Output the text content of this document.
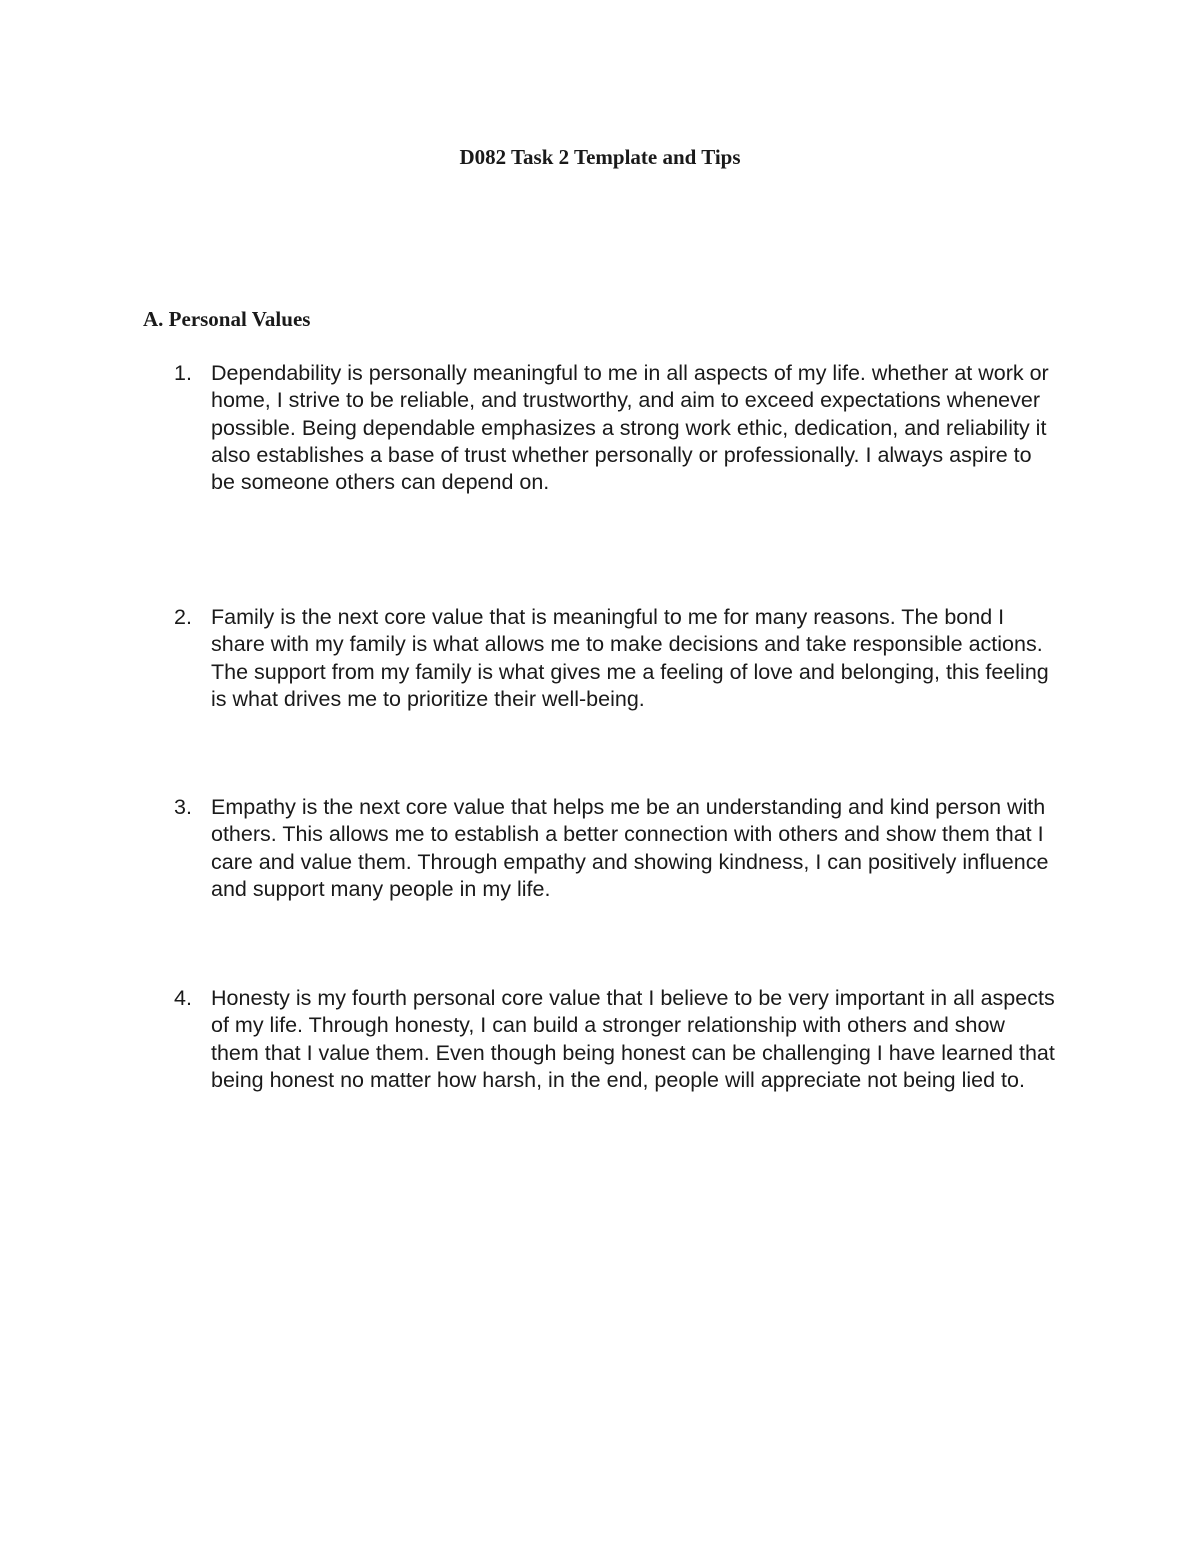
D082 Task 2 Template and Tips
A. Personal Values
1. Dependability is personally meaningful to me in all aspects of my life. whether at work or home, I strive to be reliable, and trustworthy, and aim to exceed expectations whenever possible. Being dependable emphasizes a strong work ethic, dedication, and reliability it also establishes a base of trust whether personally or professionally. I always aspire to be someone others can depend on.
2. Family is the next core value that is meaningful to me for many reasons. The bond I share with my family is what allows me to make decisions and take responsible actions. The support from my family is what gives me a feeling of love and belonging, this feeling is what drives me to prioritize their well-being.
3. Empathy is the next core value that helps me be an understanding and kind person with others. This allows me to establish a better connection with others and show them that I care and value them. Through empathy and showing kindness, I can positively influence and support many people in my life.
4. Honesty is my fourth personal core value that I believe to be very important in all aspects of my life. Through honesty, I can build a stronger relationship with others and show them that I value them. Even though being honest can be challenging I have learned that being honest no matter how harsh, in the end, people will appreciate not being lied to.
